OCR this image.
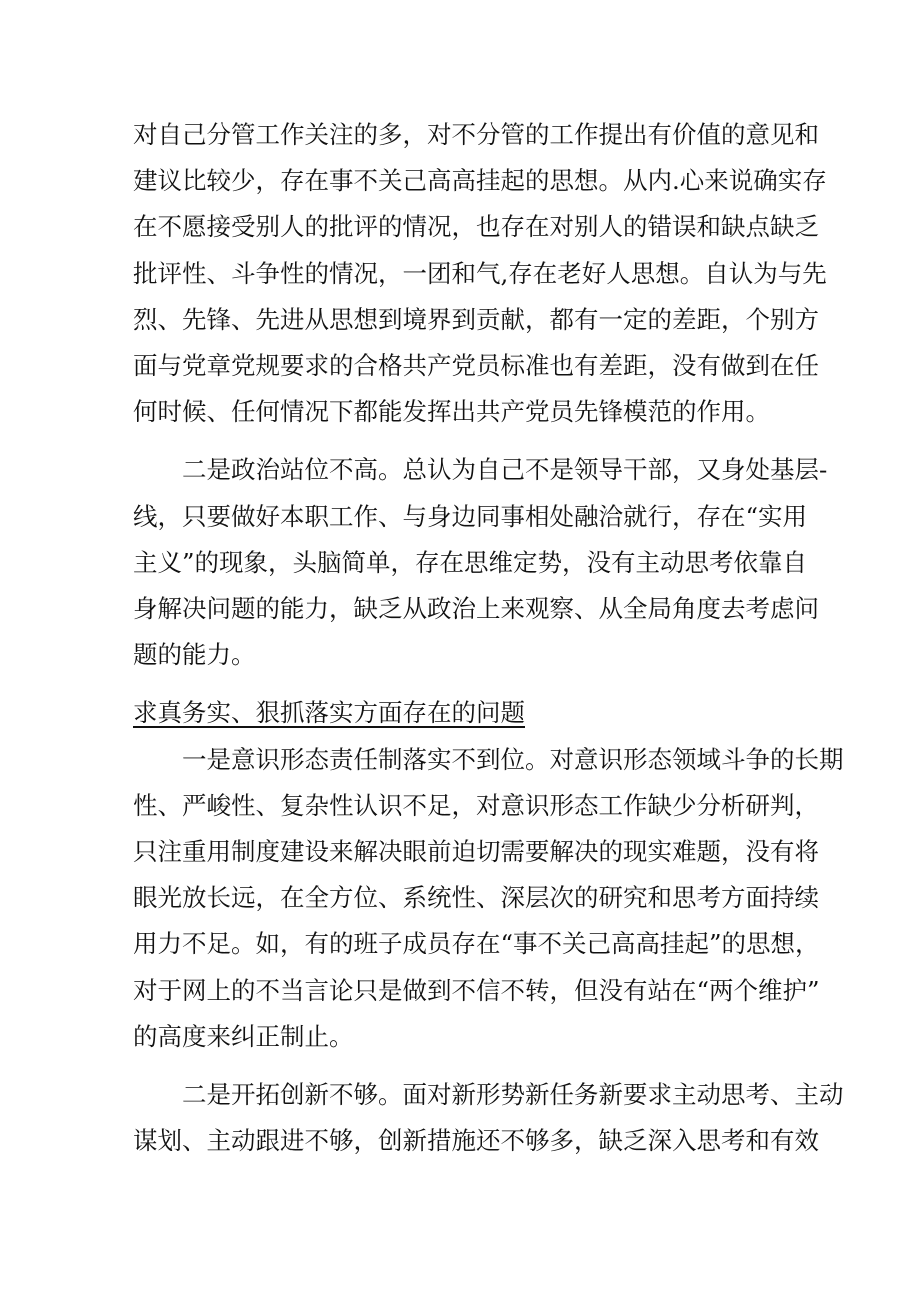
对自己分管工作关注的多，对不分管的工作提出有价值的意见和
建议比较少，存在事不关己高高挂起的思想。从内.心来说确实存
在不愿接受别人的批评的情况，也存在对别人的错误和缺点缺乏
批评性、斗争性的情况，一团和气,存在老好人思想。自认为与先
烈、先锋、先进从思想到境界到贡献，都有一定的差距，个别方
面与党章党规要求的合格共产党员标准也有差距，没有做到在任
何时候、任何情况下都能发挥出共产党员先锋模范的作用。
二是政治站位不高。总认为自己不是领导干部，又身处基层-
线，只要做好本职工作、与身边同事相处融洽就行，存在“实用
主义”的现象，头脑简单，存在思维定势，没有主动思考依靠自
身解决问题的能力，缺乏从政治上来观察、从全局角度去考虑问
题的能力。
求真务实、狠抓落实方面存在的问题
一是意识形态责任制落实不到位。对意识形态领域斗争的长期
性、严峻性、复杂性认识不足，对意识形态工作缺少分析研判，
只注重用制度建设来解决眼前迫切需要解决的现实难题，没有将
眼光放长远，在全方位、系统性、深层次的研究和思考方面持续
用力不足。如，有的班子成员存在“事不关己高高挂起”的思想，
对于网上的不当言论只是做到不信不转，但没有站在“两个维护”
的高度来纠正制止。
二是开拓创新不够。面对新形势新任务新要求主动思考、主动
谋划、主动跟进不够，创新措施还不够多，缺乏深入思考和有效
